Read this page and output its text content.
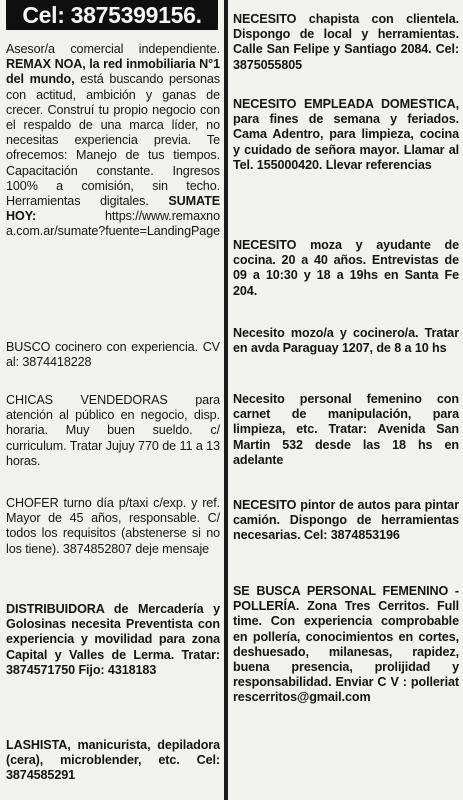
Cel: 3875399156.
Asesor/a comercial independiente. REMAX NOA, la red inmobiliaria N°1 del mundo, está buscando personas con actitud, ambición y ganas de crecer. Construí tu propio negocio con el respaldo de una marca líder, no necesitas experiencia previa. Te ofrecemos: Manejo de tus tiempos. Capacitación constante. Ingresos 100% a comisión, sin techo. Herramientas digitales. SUMATE HOY: https://www.remaxnoa.com.ar/sumate?fuente=LandingPage
BUSCO cocinero con experiencia. CV al: 3874418228
CHICAS VENDEDORAS para atención al público en negocio, disp. horaria. Muy buen sueldo. c/ curriculum. Tratar Jujuy 770 de 11 a 13 horas.
CHOFER turno día p/taxi c/exp. y ref. Mayor de 45 años, responsable. C/ todos los requisitos (abstenerse si no los tiene). 3874852807 deje mensaje
DISTRIBUIDORA de Mercadería y Golosinas necesita Preventista con experiencia y movilidad para zona Capital y Valles de Lerma. Tratar: 3874571750 Fijo: 4318183
LASHISTA, manicurista, depiladora (cera), microblender, etc. Cel: 3874585291
NECESITO chapista con clientela. Dispongo de local y herramientas. Calle San Felipe y Santiago 2084. Cel: 3875055805
NECESITO EMPLEADA DOMESTICA, para fines de semana y feriados. Cama Adentro, para limpieza, cocina y cuidado de señora mayor. Llamar al Tel. 155000420. Llevar referencias
NECESITO moza y ayudante de cocina. 20 a 40 años. Entrevistas de 09 a 10:30 y 18 a 19hs en Santa Fe 204.
Necesito mozo/a y cocinero/a. Tratar en avda Paraguay 1207, de 8 a 10 hs
Necesito personal femenino con carnet de manipulación, para limpieza, etc. Tratar: Avenida San Martin 532 desde las 18 hs en adelante
NECESITO pintor de autos para pintar camión. Dispongo de herramientas necesarias. Cel: 3874853196
SE BUSCA PERSONAL FEMENINO - POLLERÍA. Zona Tres Cerritos. Full time. Con experiencia comprobable en pollería, conocimientos en cortes, deshuesado, milanesas, rapidez, buena presencia, prolijidad y responsabilidad. Enviar C V : polleriatrescerritos@gmail.com
